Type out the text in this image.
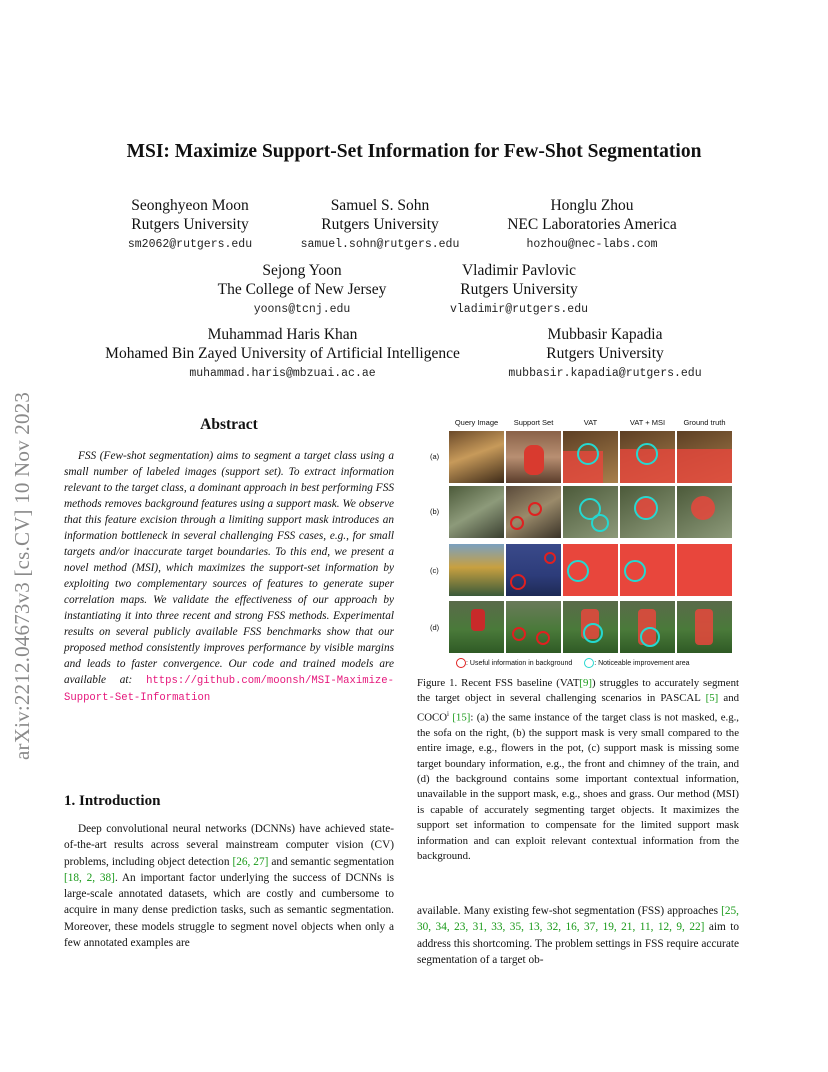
arXiv:2212.04673v3 [cs.CV] 10 Nov 2023
MSI: Maximize Support-Set Information for Few-Shot Segmentation
Seonghyeon Moon
Rutgers University
sm2062@rutgers.edu
Samuel S. Sohn
Rutgers University
samuel.sohn@rutgers.edu
Honglu Zhou
NEC Laboratories America
hozhou@nec-labs.com
Sejong Yoon
The College of New Jersey
yoons@tcnj.edu
Vladimir Pavlovic
Rutgers University
vladimir@rutgers.edu
Muhammad Haris Khan
Mohamed Bin Zayed University of Artificial Intelligence
muhammad.haris@mbzuai.ac.ae
Mubbasir Kapadia
Rutgers University
mubbasir.kapadia@rutgers.edu
Abstract

FSS (Few-shot segmentation) aims to segment a target class using a small number of labeled images (support set). To extract information relevant to the target class, a dominant approach in best performing FSS methods removes background features using a support mask. We observe that this feature excision through a limiting support mask introduces an information bottleneck in several challenging FSS cases, e.g., for small targets and/or inaccurate target boundaries. To this end, we present a novel method (MSI), which maximizes the support-set information by exploiting two complementary sources of features to generate super correlation maps. We validate the effectiveness of our approach by instantiating it into three recent and strong FSS methods. Experimental results on several publicly available FSS benchmarks show that our proposed method consistently improves performance by visible margins and leads to faster convergence. Our code and trained models are available at: https://github.com/moonsh/MSI-Maximize-Support-Set-Information

1. Introduction

Deep convolutional neural networks (DCNNs) have achieved state-of-the-art results across several mainstream computer vision (CV) problems, including object detection [26, 27] and semantic segmentation [18, 2, 38]. An important factor underlying the success of DCNNs is large-scale annotated datasets, which are costly and cumbersome to acquire in many dense prediction tasks, such as semantic segmentation. Moreover, these models struggle to segment novel objects when only a few annotated examples are

Query Image	Support Set	VAT	VAT + MSI	Ground truth
(a)
(b)
(c)
(d)
: Useful information in background	: Noticeable improvement area

Figure 1. Recent FSS baseline (VAT[9]) struggles to accurately segment the target object in several challenging scenarios in PASCAL [5] and COCO$^i$ [15]: (a) the same instance of the target class is not masked, e.g., the sofa on the right, (b) the support mask is very small compared to the entire image, e.g., flowers in the pot, (c) support mask is missing some target boundary information, e.g., the front and chimney of the train, and (d) the background contains some important contextual information, unavailable in the support mask, e.g., shoes and grass. Our method (MSI) is capable of accurately segmenting target objects. It maximizes the support set information to compensate for the limited support mask information and can exploit relevant contextual information from the background.

available. Many existing few-shot segmentation (FSS) approaches [25, 30, 34, 23, 31, 33, 35, 13, 32, 16, 37, 19, 21, 11, 12, 9, 22] aim to address this shortcoming. The problem settings in FSS require accurate segmentation of a target ob-
